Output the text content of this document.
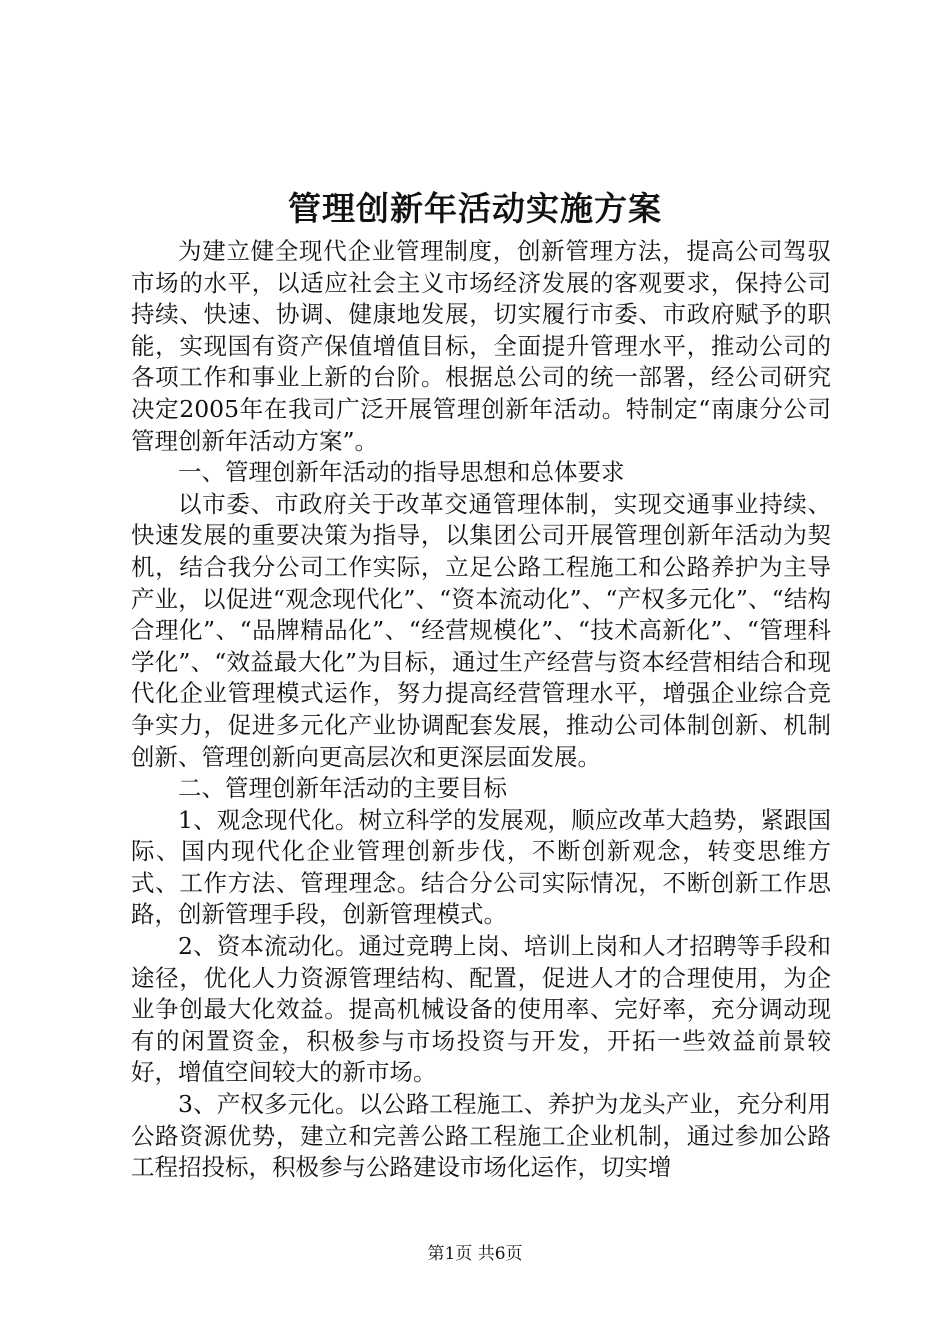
管理创新年活动实施方案

为建立健全现代企业管理制度，创新管理方法，提高公司驾驭市场的水平，以适应社会主义市场经济发展的客观要求，保持公司持续、快速、协调、健康地发展，切实履行市委、市政府赋予的职能，实现国有资产保值增值目标，全面提升管理水平，推动公司的各项工作和事业上新的台阶。根据总公司的统一部署，经公司研究决定2005年在我司广泛开展管理创新年活动。特制定“南康分公司管理创新年活动方案”。

一、管理创新年活动的指导思想和总体要求

以市委、市政府关于改革交通管理体制，实现交通事业持续、快速发展的重要决策为指导，以集团公司开展管理创新年活动为契机，结合我分公司工作实际，立足公路工程施工和公路养护为主导产业，以促进“观念现代化”、“资本流动化”、“产权多元化”、“结构合理化”、“品牌精品化”、“经营规模化”、“技术高新化”、“管理科学化”、“效益最大化”为目标，通过生产经营与资本经营相结合和现代化企业管理模式运作，努力提高经营管理水平，增强企业综合竞争实力，促进多元化产业协调配套发展，推动公司体制创新、机制创新、管理创新向更高层次和更深层面发展。

二、管理创新年活动的主要目标

1、观念现代化。树立科学的发展观，顺应改革大趋势，紧跟国际、国内现代化企业管理创新步伐，不断创新观念，转变思维方式、工作方法、管理理念。结合分公司实际情况，不断创新工作思路，创新管理手段，创新管理模式。

2、资本流动化。通过竞聘上岗、培训上岗和人才招聘等手段和途径，优化人力资源管理结构、配置，促进人才的合理使用，为企业争创最大化效益。提高机械设备的使用率、完好率，充分调动现有的闲置资金，积极参与市场投资与开发，开拓一些效益前景较好，增值空间较大的新市场。

3、产权多元化。以公路工程施工、养护为龙头产业，充分利用公路资源优势，建立和完善公路工程施工企业机制，通过参加公路工程招投标，积极参与公路建设市场化运作，切实增

第1页 共6页
